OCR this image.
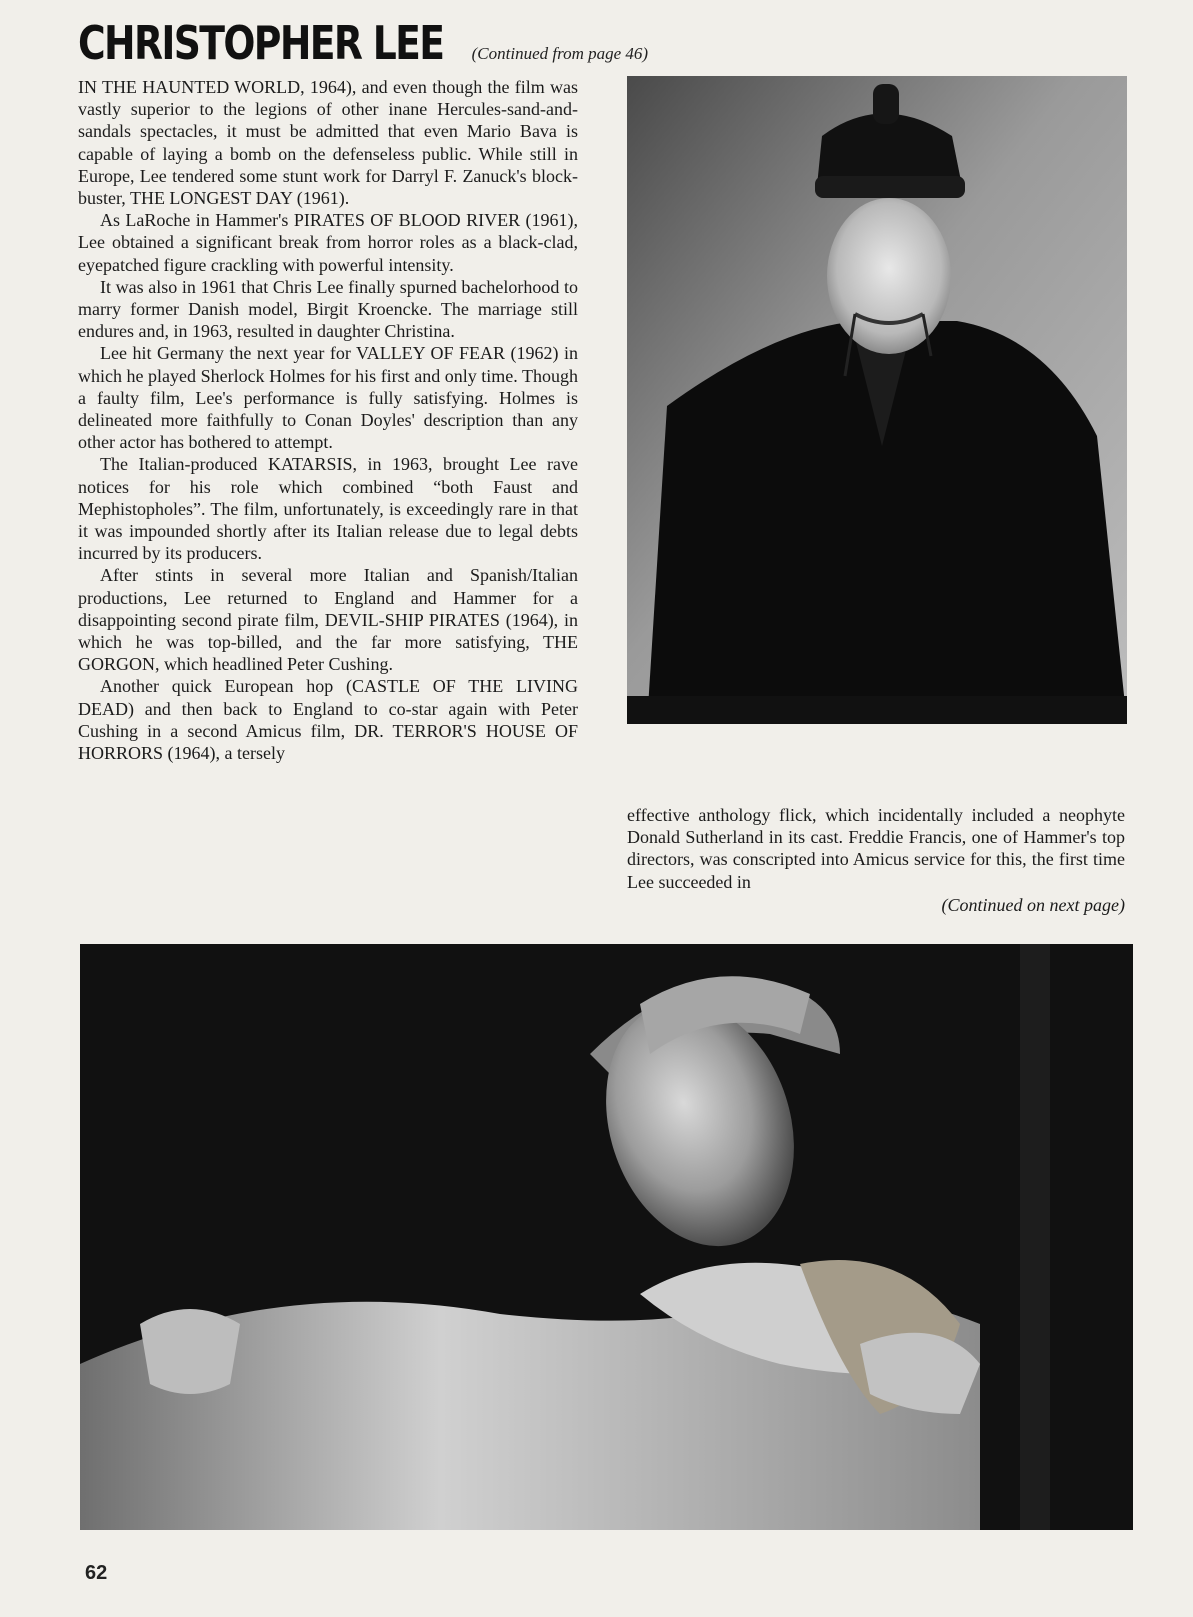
CHRISTOPHER LEE (Continued from page 46)

IN THE HAUNTED WORLD, 1964), and even though the film was vastly superior to the legions of other inane Hercules-sand-and-sandals spectacles, it must be admitted that even Mario Bava is capable of laying a bomb on the defenseless public. While still in Europe, Lee tendered some stunt work for Darryl F. Zanuck's blockbuster, THE LONGEST DAY (1961).

As LaRoche in Hammer's PIRATES OF BLOOD RIVER (1961), Lee obtained a significant break from horror roles as a black-clad, eyepatched figure crackling with powerful intensity.

It was also in 1961 that Chris Lee finally spurned bachelorhood to marry former Danish model, Birgit Kroencke. The marriage still endures and, in 1963, resulted in daughter Christina.

Lee hit Germany the next year for VALLEY OF FEAR (1962) in which he played Sherlock Holmes for his first and only time. Though a faulty film, Lee's performance is fully satisfying. Holmes is delineated more faithfully to Conan Doyles' description than any other actor has bothered to attempt.

The Italian-produced KATARSIS, in 1963, brought Lee rave notices for his role which combined “both Faust and Mephistopholes”. The film, unfortunately, is exceedingly rare in that it was impounded shortly after its Italian release due to legal debts incurred by its producers.

After stints in several more Italian and Spanish/Italian productions, Lee returned to England and Hammer for a disappointing second pirate film, DEVIL-SHIP PIRATES (1964), in which he was top-billed, and the far more satisfying, THE GORGON, which headlined Peter Cushing.

Another quick European hop (CASTLE OF THE LIVING DEAD) and then back to England to co-star again with Peter Cushing in a second Amicus film, DR. TERROR'S HOUSE OF HORRORS (1964), a tersely

effective anthology flick, which incidentally included a neophyte Donald Sutherland in its cast. Freddie Francis, one of Hammer's top directors, was conscripted into Amicus service for this, the first time Lee succeeded in

(Continued on next page)
62
